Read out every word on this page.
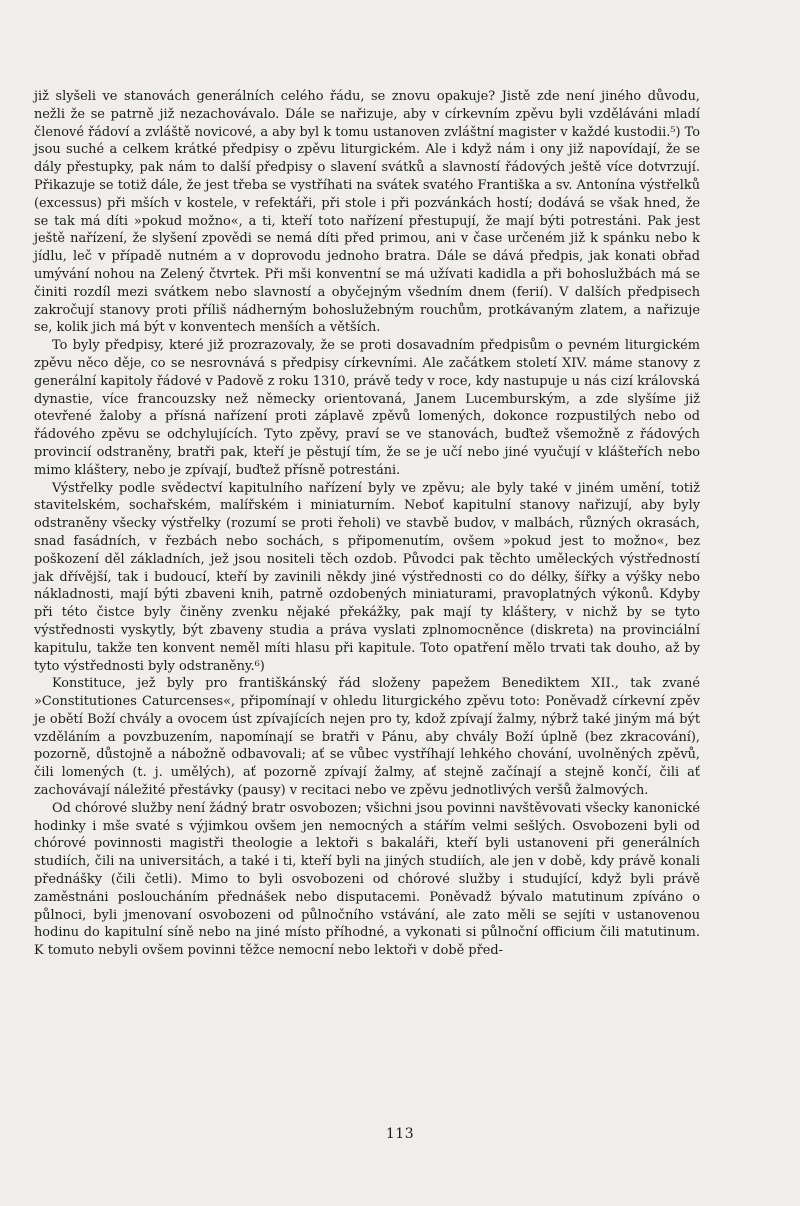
již slyšeli ve stanovách generálních celého řádu, se znovu opakuje? Jistě zde není jiného důvodu, nežli že se patrně již nezachovávalo. Dále se nařizuje, aby v církevním zpěvu byli vzděláváni mladí členové řádoví a zvláště novicové, a aby byl k tomu ustanoven zvláštní magister v každé kustodii.⁵) To jsou suché a celkem krátké předpisy o zpěvu liturgickém. Ale i když nám i ony již napovídají, že se dály přestupky, pak nám to další předpisy o slavení svátků a slavností řádových ještě více dotvrzují. Přikazuje se totiž dále, že jest třeba se vystříhati na svátek svatého Františka a sv. Antonína výstřelků (excessus) při mších v kostele, v refektáři, při stole i při pozvánkách hostí; dodává se však hned, že se tak má díti »pokud možno«, a ti, kteří toto nařízení přestupují, že mají býti potrestáni. Pak jest ještě nařízení, že slyšení zpovědi se nemá díti před primou, ani v čase určeném již k spánku nebo k jídlu, leč v případě nutném a v doprovodu jednoho bratra. Dále se dává předpis, jak konati obřad umývání nohou na Zelený čtvrtek. Při mši konventní se má užívati kadidla a při bohoslužbách má se činiti rozdíl mezi svátkem nebo slavností a obyčejným všedním dnem (ferií). V dalších předpisech zakročují stanovy proti příliš nádherným bohoslužebným rouchům, protkávaným zlatem, a nařizuje se, kolik jich má být v konventech menších a větších.

To byly předpisy, které již prozrazovaly, že se proti dosavadním předpisům o pevném liturgickém zpěvu něco děje, co se nesrovnává s předpisy církevními. Ale začátkem století XIV. máme stanovy z generální kapitoly řádové v Padově z roku 1310, právě tedy v roce, kdy nastupuje u nás cizí královská dynastie, více francouzsky než německy orientovaná, Janem Lucemburským, a zde slyšíme již otevřené žaloby a přísná nařízení proti záplavě zpěvů lomených, dokonce rozpustilých nebo od řádového zpěvu se odchylujících. Tyto zpěvy, praví se ve stanovách, buďtež všemožně z řádových provincií odstraněny, bratři pak, kteří je pěstují tím, že se je učí nebo jiné vyučují v klášteřích nebo mimo kláštery, nebo je zpívají, buďtež přísně potrestáni.

Výstřelky podle svědectví kapitulního nařízení byly ve zpěvu; ale byly také v jiném umění, totiž stavitelském, sochařském, malířském i miniaturním. Neboť kapitulní stanovy nařizují, aby byly odstraněny všecky výstřelky (rozumí se proti řeholi) ve stavbě budov, v malbách, různých okrasách, snad fasádních, v řezbách nebo sochách, s připomenutím, ovšem »pokud jest to možno«, bez poškození děl základních, jež jsou nositeli těch ozdob. Původci pak těchto uměleckých výstředností jak dřívější, tak i budoucí, kteří by zavinili někdy jiné výstřednosti co do délky, šířky a výšky nebo nákladnosti, mají býti zbaveni knih, patrně ozdobených miniaturami, pravoplatných výkonů. Kdyby při této čistce byly činěny zvenku nějaké překážky, pak mají ty kláštery, v nichž by se tyto výstřednosti vyskytly, být zbaveny studia a práva vyslati zplnomocněnce (diskreta) na provinciální kapitulu, takže ten konvent neměl míti hlasu při kapitule. Toto opatření mělo trvati tak douho, až by tyto výstřednosti byly odstraněny.⁶)

Konstituce, jež byly pro františkánský řád složeny papežem Benediktem XII., tak zvané »Constitutiones Caturcenses«, připomínají v ohledu liturgického zpěvu toto: Poněvadž církevní zpěv je obětí Boží chvály a ovocem úst zpívajících nejen pro ty, kdož zpívají žalmy, nýbrž také jiným má být vzděláním a povzbuzením, napomínají se bratři v Pánu, aby chvály Boží úplně (bez zkracování), pozorně, důstojně a nábožně odbavovali; ať se vůbec vystříhají lehkého chování, uvolněných zpěvů, čili lomených (t. j. umělých), ať pozorně zpívají žalmy, ať stejně začínají a stejně končí, čili ať zachovávají náležité přestávky (pausy) v recitaci nebo ve zpěvu jednotlivých veršů žalmových.

Od chórové služby není žádný bratr osvobozen; všichni jsou povinni navštěvovati všecky kanonické hodinky i mše svaté s výjimkou ovšem jen nemocných a stářím velmi sešlých. Osvobozeni byli od chórové povinnosti magistři theologie a lektoři s bakaláři, kteří byli ustanoveni při generálních studiích, čili na universitách, a také i ti, kteří byli na jiných studiích, ale jen v době, kdy právě konali přednášky (čili četli). Mimo to byli osvobozeni od chórové služby i studující, když byli právě zaměstnáni posloucháním přednášek nebo disputacemi. Poněvadž bývalo matutinum zpíváno o půlnoci, byli jmenovaní osvobozeni od půlnočního vstávání, ale zato měli se sejíti v ustanovenou hodinu do kapitulní síně nebo na jiné místo příhodné, a vykonati si půlnoční officium čili matutinum. K tomuto nebyli ovšem povinni těžce nemocní nebo lektoři v době před-

113
